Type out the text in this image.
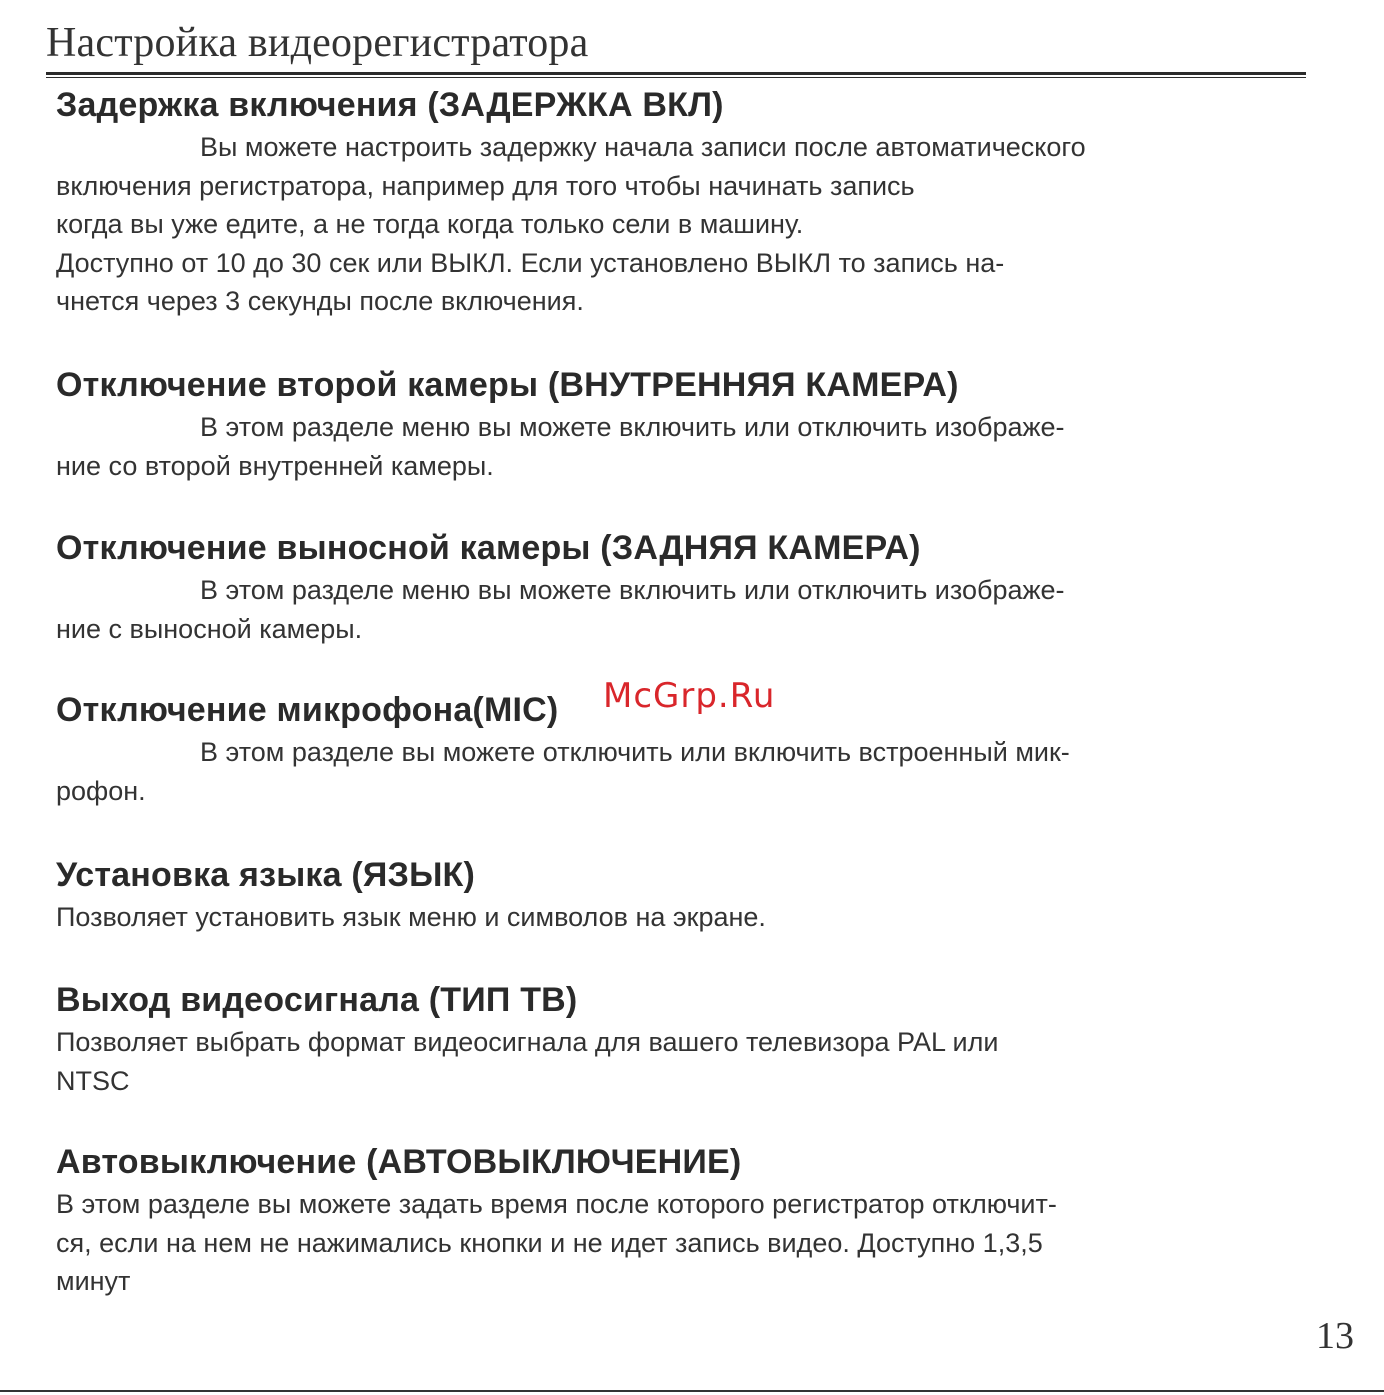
Настройка видеорегистратора
Задержка включения (ЗАДЕРЖКА ВКЛ)

Вы можете настроить задержку начала записи после автоматического

включения регистратора, например для того чтобы начинать запись

когда вы уже едите, а не тогда когда только сели в машину.

Доступно от 10 до 30 сек или ВЫКЛ. Если установлено ВЫКЛ то запись на-

чнется через 3 секунды после включения.

Отключение второй камеры (ВНУТРЕННЯЯ КАМЕРА)

В этом разделе меню вы можете включить или отключить изображе-

ние со второй внутренней камеры.

Отключение выносной камеры (ЗАДНЯЯ КАМЕРА)

В этом разделе меню вы можете включить или отключить изображе-

ние с выносной камеры.

Отключение микрофона(MIC)

В этом разделе вы можете отключить или включить встроенный мик-

рофон.

Установка языка (ЯЗЫК)

Позволяет установить язык меню и символов на экране.

Выход видеосигнала (ТИП ТВ)

Позволяет выбрать формат видеосигнала для вашего телевизора PAL или

NTSC

Автовыключение (АВТОВЫКЛЮЧЕНИЕ)

В этом разделе вы можете задать время после которого регистратор отключит-

ся, если на нем не нажимались кнопки и не идет запись видео. Доступно 1,3,5

минут

McGrp.Ru
13
